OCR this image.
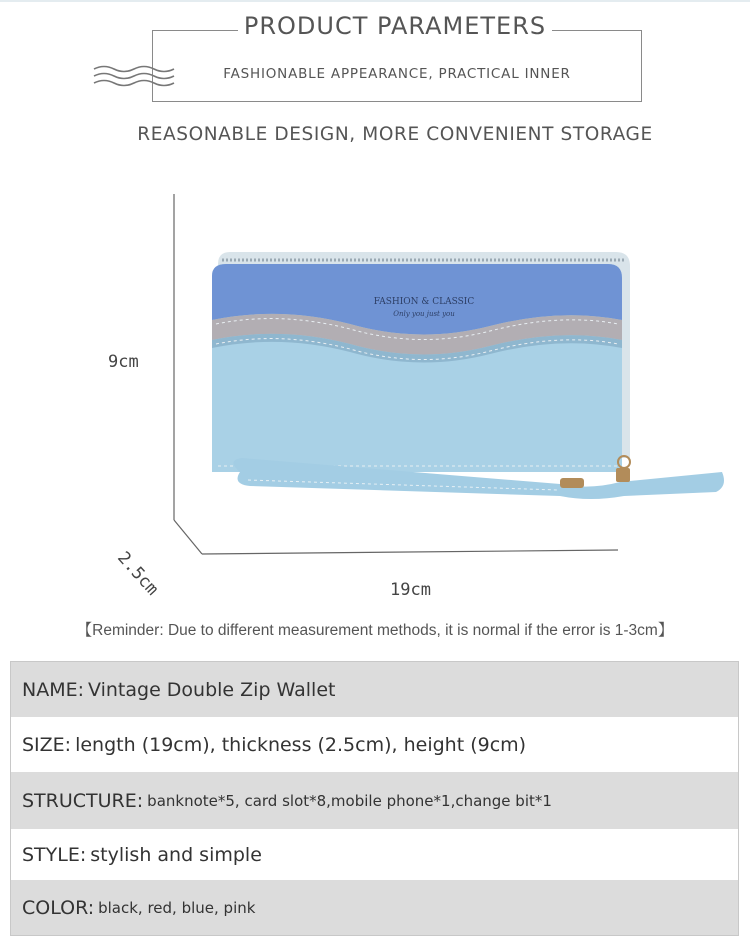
PRODUCT PARAMETERS
FASHIONABLE APPEARANCE, PRACTICAL INNER
REASONABLE DESIGN, MORE CONVENIENT STORAGE
FASHION & CLASSIC
Only you just you
9cm
19cm
2.5cm
【Reminder: Due to different measurement methods, it is normal if the error is 1-3cm】
NAME: Vintage Double Zip Wallet
SIZE: length (19cm), thickness (2.5cm), height (9cm)
STRUCTURE: banknote*5, card slot*8,mobile phone*1,change bit*1
STYLE: stylish and simple
COLOR: black, red, blue, pink
